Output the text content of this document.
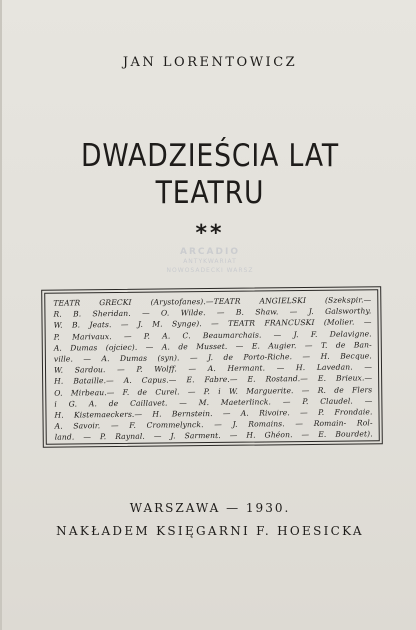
JAN LORENTOWICZ
DWADZIEŚCIA LAT
TEATRU
**
ARCADIO
ANTYKWARIAT
NOWOSADECKI WARSZ
TEATR GRECKI (Arystofanes).—TEATR ANGIELSKI (Szekspir.—
R. B. Sheridan. — O. Wilde. — B. Shaw. — J. Galsworthy.
W. B. Jeats. — J. M. Synge). — TEATR FRANCUSKI (Molier. —
P. Marivaux. — P. A. C. Beaumarchais. — J. F. Delavigne.
A. Dumas (ojciec). — A. de Musset. — E. Augier. — T. de Ban-
ville. — A. Dumas (syn). — J. de Porto-Riche. — H. Becque.
W. Sardou. — P. Wolff. — A. Hermant. — H. Lavedan. —
H. Bataille.— A. Capus.— E. Fabre.— E. Rostand.— E. Brieux.—
O. Mirbeau.— F. de Curel. — P. i W. Marguerite. — R. de Flers
i G. A. de Caillavet. — M. Maeterlinck. — P. Claudel. —
H. Kistemaeckers.— H. Bernstein. — A. Rivoire. — P. Frondaie.
A. Savoir. — F. Crommelynck. — J. Romains. — Romain- Rol-
land. — P. Raynal. — J. Sarment. — H. Ghéon. — E. Bourdet).
WARSZAWA — 1930.
NAKŁADEM KSIĘGARNI F. HOESICKA
